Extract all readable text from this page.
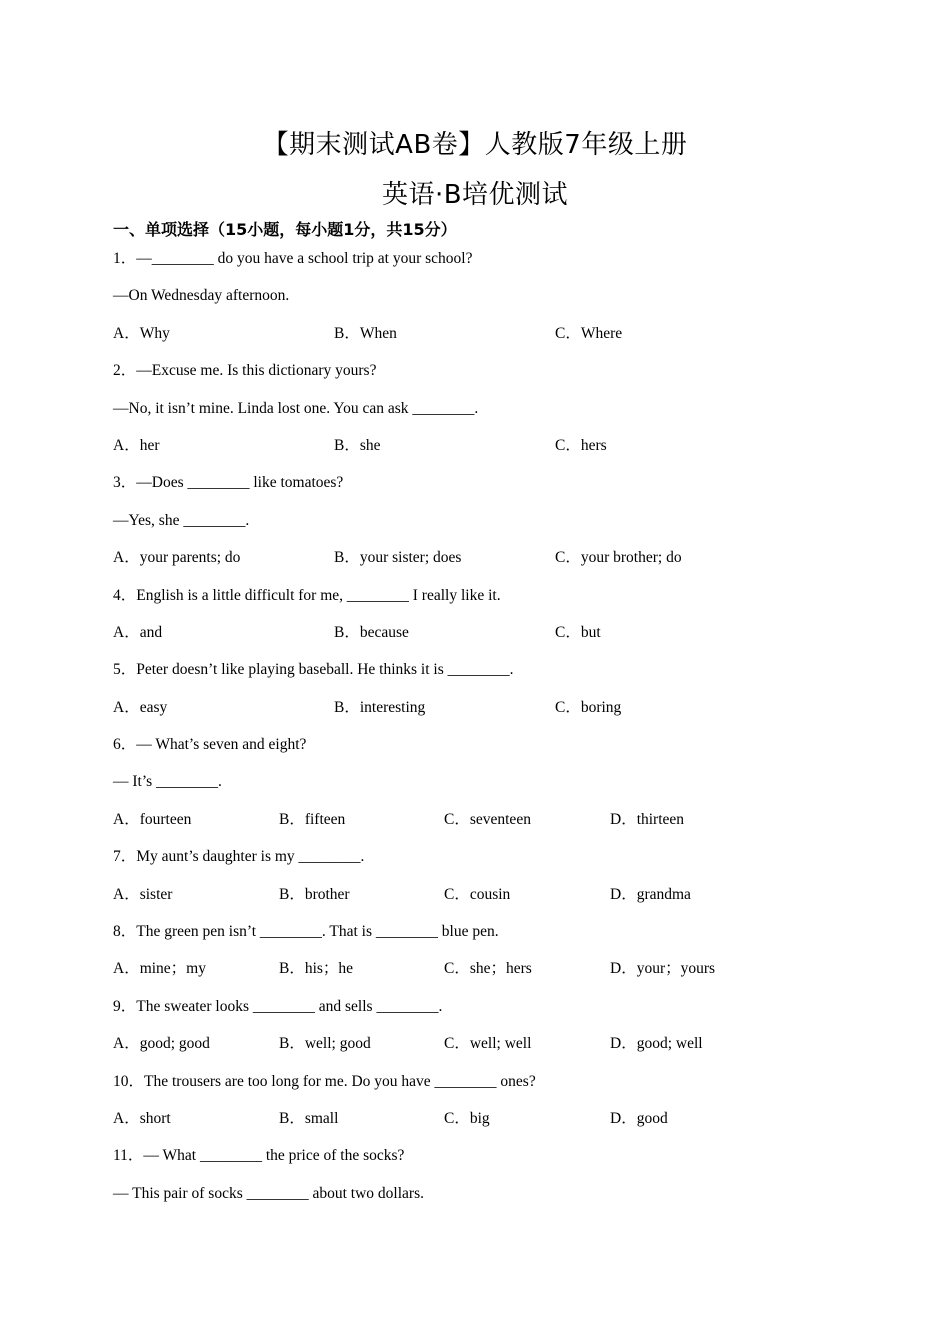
【期末测试AB卷】人教版7年级上册
英语·B培优测试
一、单项选择（15小题，每小题1分，共15分）
1．—________ do you have a school trip at your school?
—On Wednesday afternoon.
A．Why	B．When	C．Where
2．—Excuse me. Is this dictionary yours?
—No, it isn’t mine. Linda lost one. You can ask ________.
A．her	B．she	C．hers
3．—Does ________ like tomatoes?
—Yes, she ________.
A．your parents; do	B．your sister; does	C．your brother; do
4．English is a little difficult for me, ________ I really like it.
A．and	B．because	C．but
5．Peter doesn’t like playing baseball. He thinks it is ________.
A．easy	B．interesting	C．boring
6．— What’s seven and eight?
— It’s ________.
A．fourteen	B．fifteen	C．seventeen	D．thirteen
7．My aunt’s daughter is my ________.
A．sister	B．brother	C．cousin	D．grandma
8．The green pen isn’t ________. That is ________ blue pen.
A．mine；my	B．his；he	C．she；hers	D．your；yours
9．The sweater looks ________ and sells ________.
A．good; good	B．well; good	C．well; well	D．good; well
10．The trousers are too long for me. Do you have ________ ones?
A．short	B．small	C．big	D．good
11．— What ________ the price of the socks?
— This pair of socks ________ about two dollars.
